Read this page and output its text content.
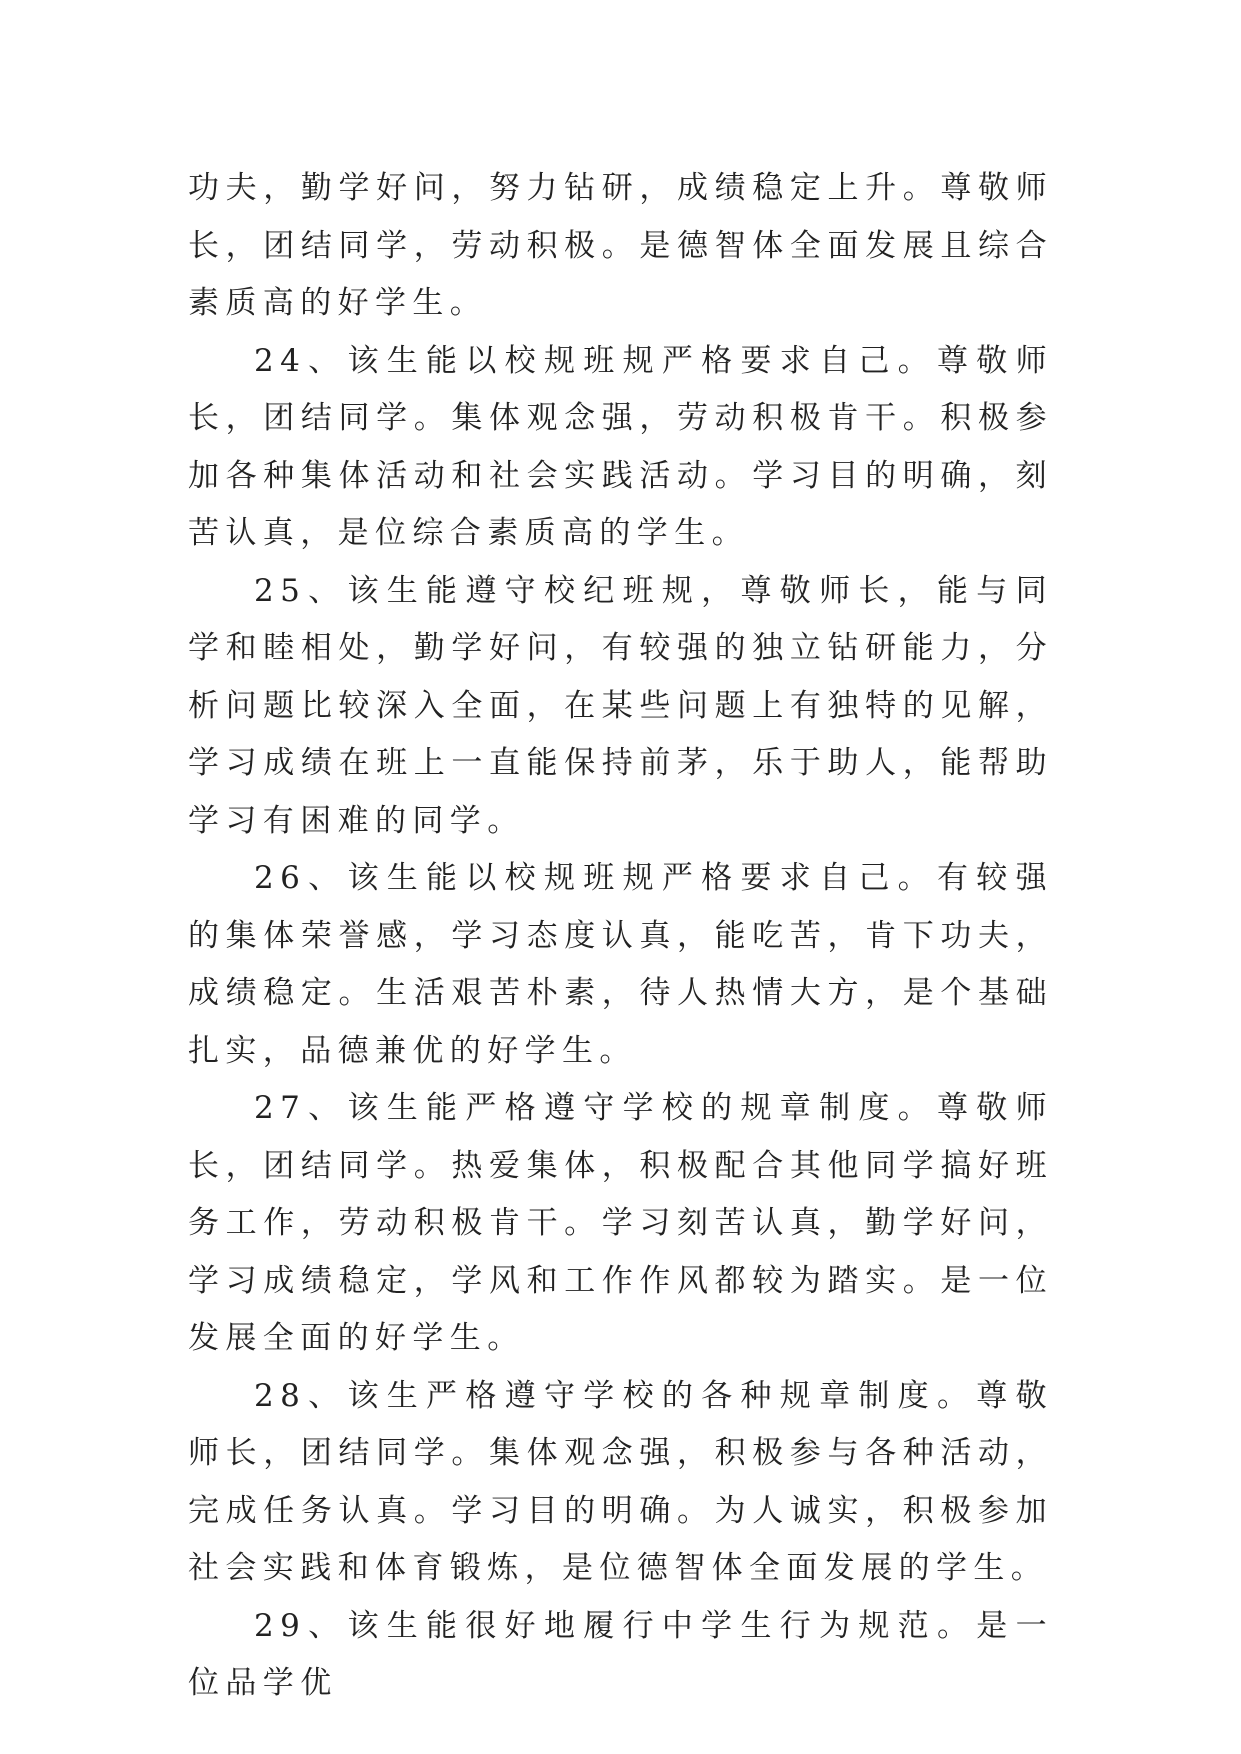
功夫，勤学好问，努力钻研，成绩稳定上升。尊敬师长，团结同学，劳动积极。是德智体全面发展且综合素质高的好学生。

24、该生能以校规班规严格要求自己。尊敬师长，团结同学。集体观念强，劳动积极肯干。积极参加各种集体活动和社会实践活动。学习目的明确，刻苦认真，是位综合素质高的学生。

25、该生能遵守校纪班规，尊敬师长，能与同学和睦相处，勤学好问，有较强的独立钻研能力，分析问题比较深入全面，在某些问题上有独特的见解，学习成绩在班上一直能保持前茅，乐于助人，能帮助学习有困难的同学。

26、该生能以校规班规严格要求自己。有较强的集体荣誉感，学习态度认真，能吃苦，肯下功夫，成绩稳定。生活艰苦朴素，待人热情大方，是个基础扎实，品德兼优的好学生。

27、该生能严格遵守学校的规章制度。尊敬师长，团结同学。热爱集体，积极配合其他同学搞好班务工作，劳动积极肯干。学习刻苦认真，勤学好问，学习成绩稳定，学风和工作作风都较为踏实。是一位发展全面的好学生。

28、该生严格遵守学校的各种规章制度。尊敬师长，团结同学。集体观念强，积极参与各种活动，完成任务认真。学习目的明确。为人诚实，积极参加社会实践和体育锻炼，是位德智体全面发展的学生。

29、该生能很好地履行中学生行为规范。是一位品学优
